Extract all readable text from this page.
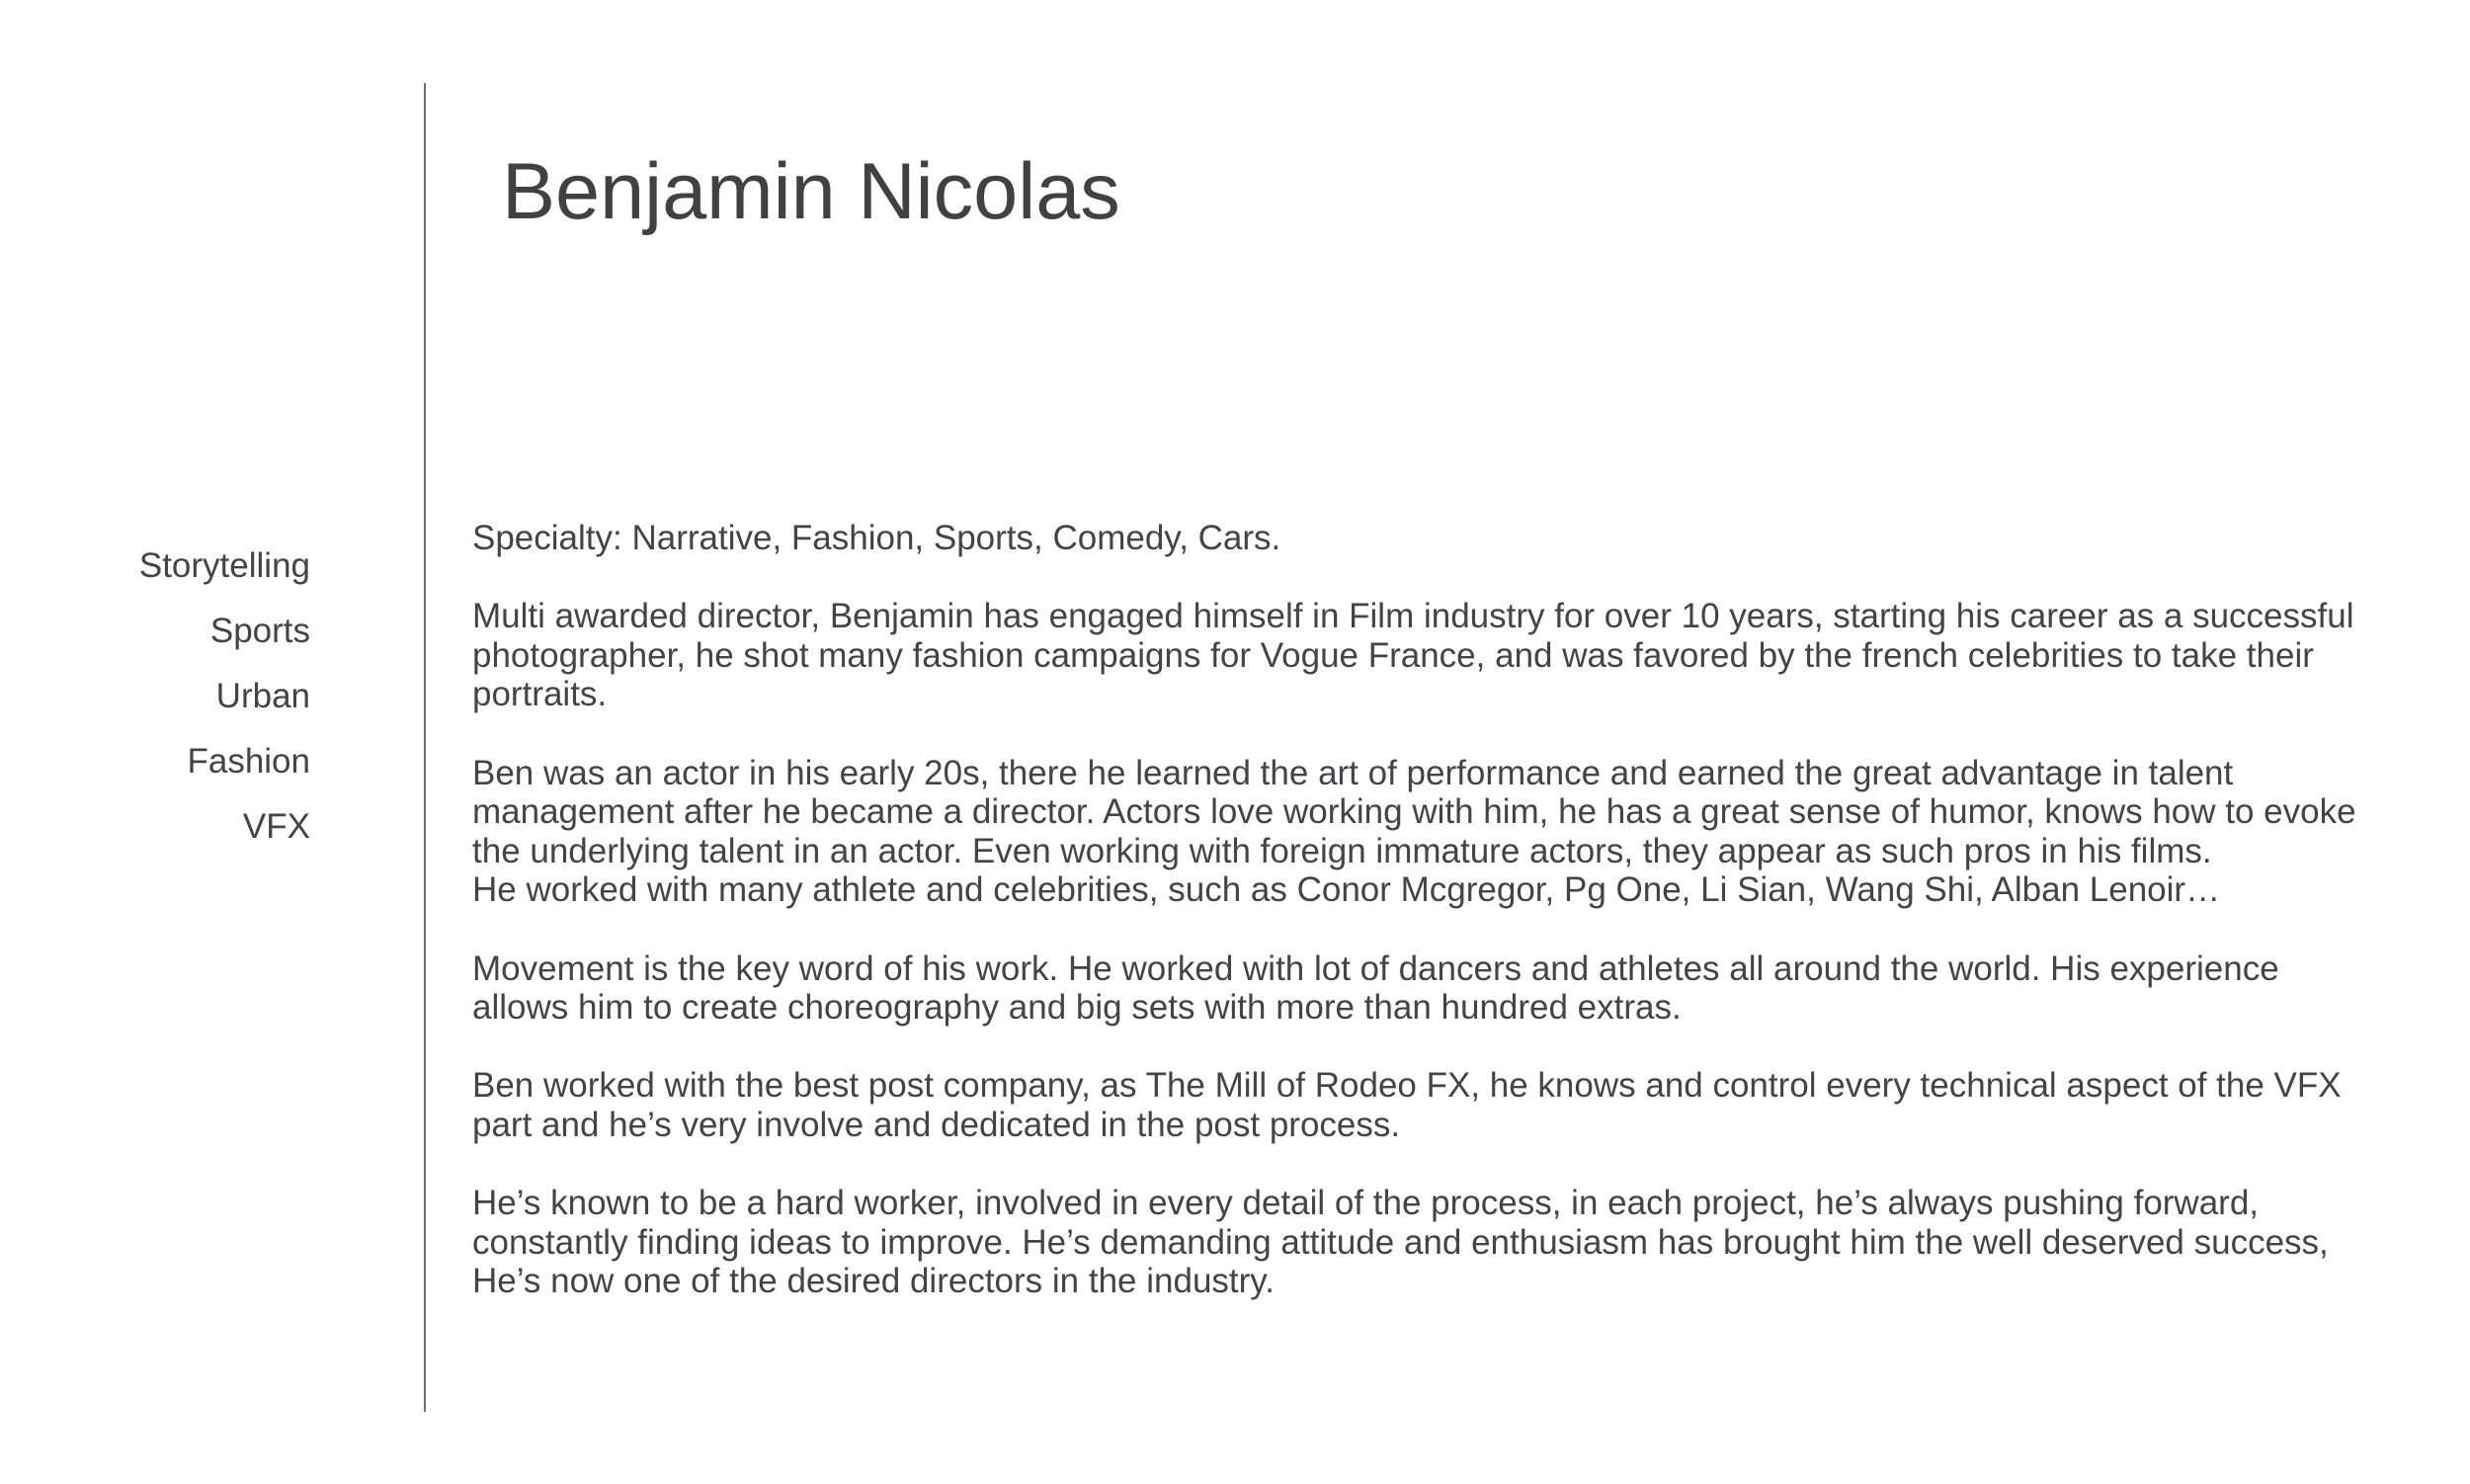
Benjamin Nicolas
Storytelling
Sports
Urban
Fashion
VFX

Specialty: Narrative, Fashion, Sports, Comedy, Cars.

Multi awarded director, Benjamin has engaged himself in Film industry for over 10 years, starting his career as a successful
photographer, he shot many fashion campaigns for Vogue France, and was favored by the french celebrities to take their
portraits.

Ben was an actor in his early 20s, there he learned the art of performance and earned the great advantage in talent
management after he became a director. Actors love working with him, he has a great sense of humor, knows how to evoke
the underlying talent in an actor. Even working with foreign immature actors, they appear as such pros in his films.
He worked with many athlete and celebrities, such as Conor Mcgregor, Pg One, Li Sian, Wang Shi, Alban Lenoir…

Movement is the key word of his work. He worked with lot of dancers and athletes all around the world. His experience
allows him to create choreography and big sets with more than hundred extras.

Ben worked with the best post company, as The Mill of Rodeo FX, he knows and control every technical aspect of the VFX
part and he’s very involve and dedicated in the post process.

He’s known to be a hard worker, involved in every detail of the process, in each project, he’s always pushing forward,
constantly finding ideas to improve. He’s demanding attitude and enthusiasm has brought him the well deserved success,
He’s now one of the desired directors in the industry.
